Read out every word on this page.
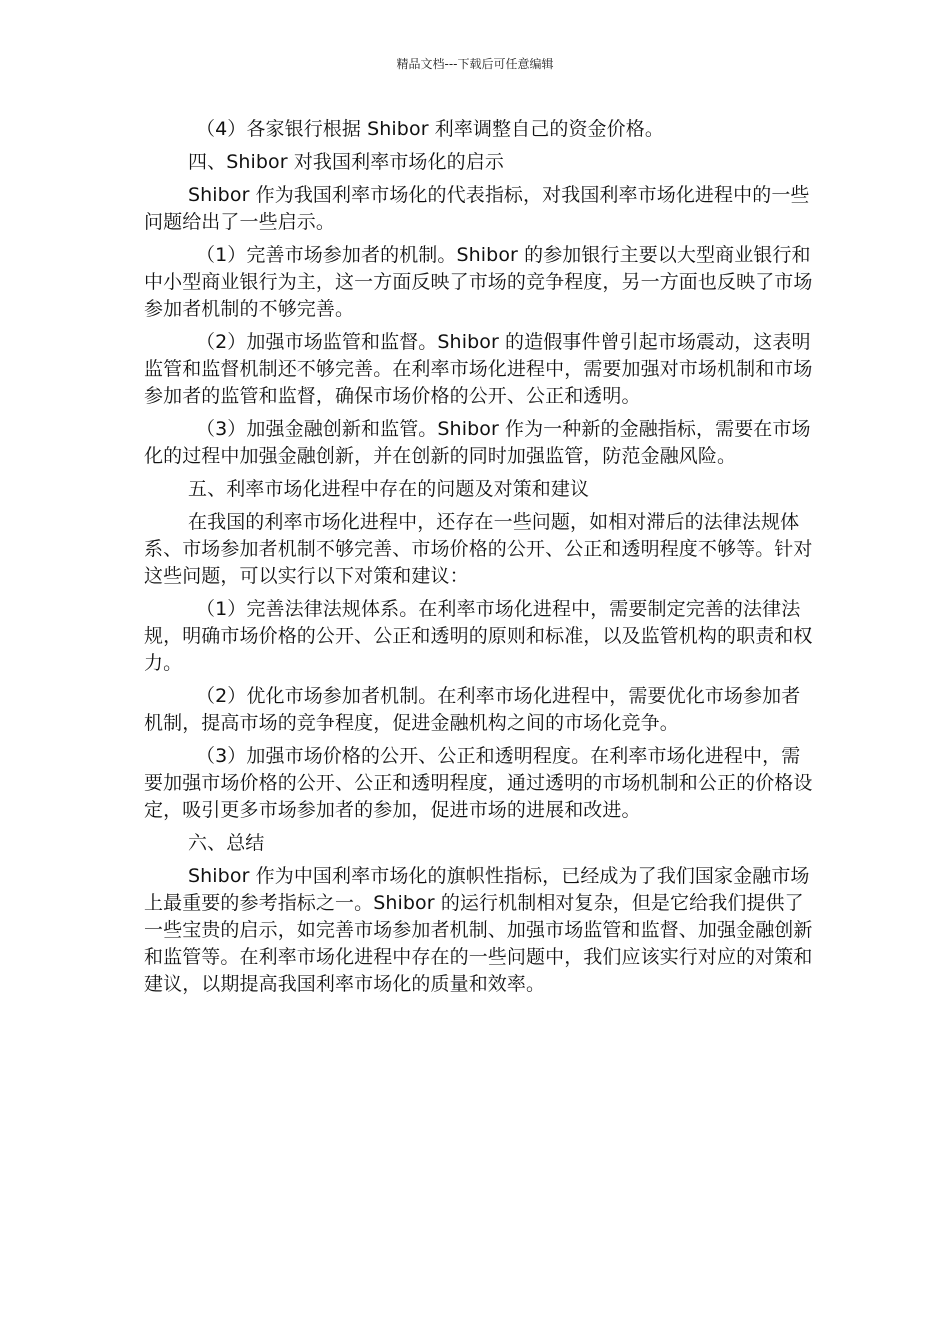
精品文档---下载后可任意编辑

（4）各家银行根据 Shibor 利率调整自己的资金价格。

四、Shibor 对我国利率市场化的启示

Shibor 作为我国利率市场化的代表指标，对我国利率市场化进程中的一些问题给出了一些启示。

（1）完善市场参加者的机制。Shibor 的参加银行主要以大型商业银行和中小型商业银行为主，这一方面反映了市场的竞争程度，另一方面也反映了市场参加者机制的不够完善。

（2）加强市场监管和监督。Shibor 的造假事件曾引起市场震动，这表明监管和监督机制还不够完善。在利率市场化进程中，需要加强对市场机制和市场参加者的监管和监督，确保市场价格的公开、公正和透明。

（3）加强金融创新和监管。Shibor 作为一种新的金融指标，需要在市场化的过程中加强金融创新，并在创新的同时加强监管，防范金融风险。

五、利率市场化进程中存在的问题及对策和建议

在我国的利率市场化进程中，还存在一些问题，如相对滞后的法律法规体系、市场参加者机制不够完善、市场价格的公开、公正和透明程度不够等。针对这些问题，可以实行以下对策和建议：

（1）完善法律法规体系。在利率市场化进程中，需要制定完善的法律法规，明确市场价格的公开、公正和透明的原则和标准，以及监管机构的职责和权力。

（2）优化市场参加者机制。在利率市场化进程中，需要优化市场参加者机制，提高市场的竞争程度，促进金融机构之间的市场化竞争。

（3）加强市场价格的公开、公正和透明程度。在利率市场化进程中，需要加强市场价格的公开、公正和透明程度，通过透明的市场机制和公正的价格设定，吸引更多市场参加者的参加，促进市场的进展和改进。

六、总结

Shibor 作为中国利率市场化的旗帜性指标，已经成为了我们国家金融市场上最重要的参考指标之一。Shibor 的运行机制相对复杂，但是它给我们提供了一些宝贵的启示，如完善市场参加者机制、加强市场监管和监督、加强金融创新和监管等。在利率市场化进程中存在的一些问题中，我们应该实行对应的对策和建议，以期提高我国利率市场化的质量和效率。
